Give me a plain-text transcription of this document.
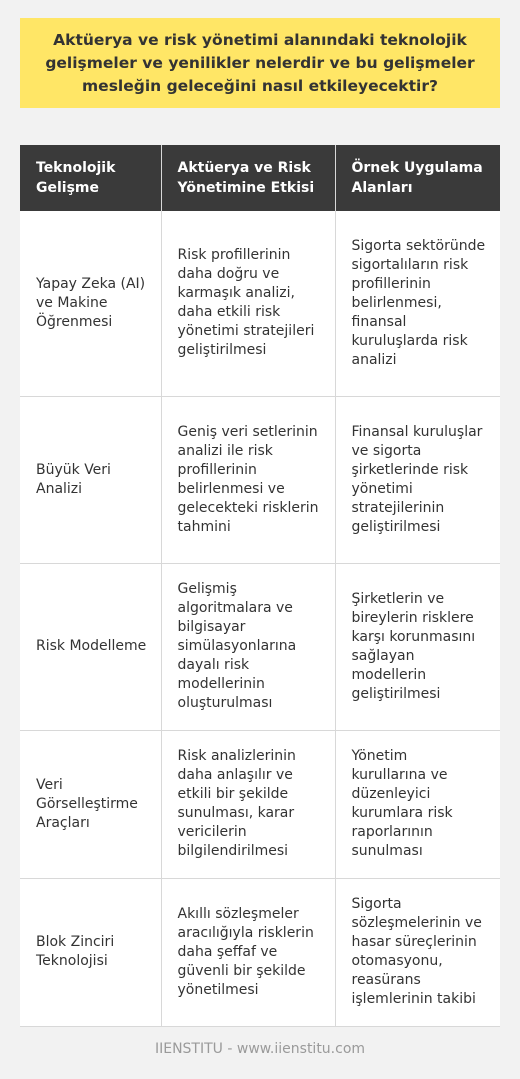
Aktüerya ve risk yönetimi alanındaki teknolojik gelişmeler ve yenilikler nelerdir ve bu gelişmeler mesleğin geleceğini nasıl etkileyecektir?
Teknolojik Gelişme	Aktüerya ve Risk Yönetimine Etkisi	Örnek Uygulama Alanları
Yapay Zeka (AI) ve Makine Öğrenmesi	Risk profillerinin daha doğru ve karmaşık analizi, daha etkili risk yönetimi stratejileri geliştirilmesi	Sigorta sektöründe sigortalıların risk profillerinin belirlenmesi, finansal kuruluşlarda risk analizi
Büyük Veri Analizi	Geniş veri setlerinin analizi ile risk profillerinin belirlenmesi ve gelecekteki risklerin tahmini	Finansal kuruluşlar ve sigorta şirketlerinde risk yönetimi stratejilerinin geliştirilmesi
Risk Modelleme	Gelişmiş algoritmalara ve bilgisayar simülasyonlarına dayalı risk modellerinin oluşturulması	Şirketlerin ve bireylerin risklere karşı korunmasını sağlayan modellerin geliştirilmesi
Veri Görselleştirme Araçları	Risk analizlerinin daha anlaşılır ve etkili bir şekilde sunulması, karar vericilerin bilgilendirilmesi	Yönetim kurullarına ve düzenleyici kurumlara risk raporlarının sunulması
Blok Zinciri Teknolojisi	Akıllı sözleşmeler aracılığıyla risklerin daha şeffaf ve güvenli bir şekilde yönetilmesi	Sigorta sözleşmelerinin ve hasar süreçlerinin otomasyonu, reasürans işlemlerinin takibi
IIENSTITU - www.iienstitu.com
